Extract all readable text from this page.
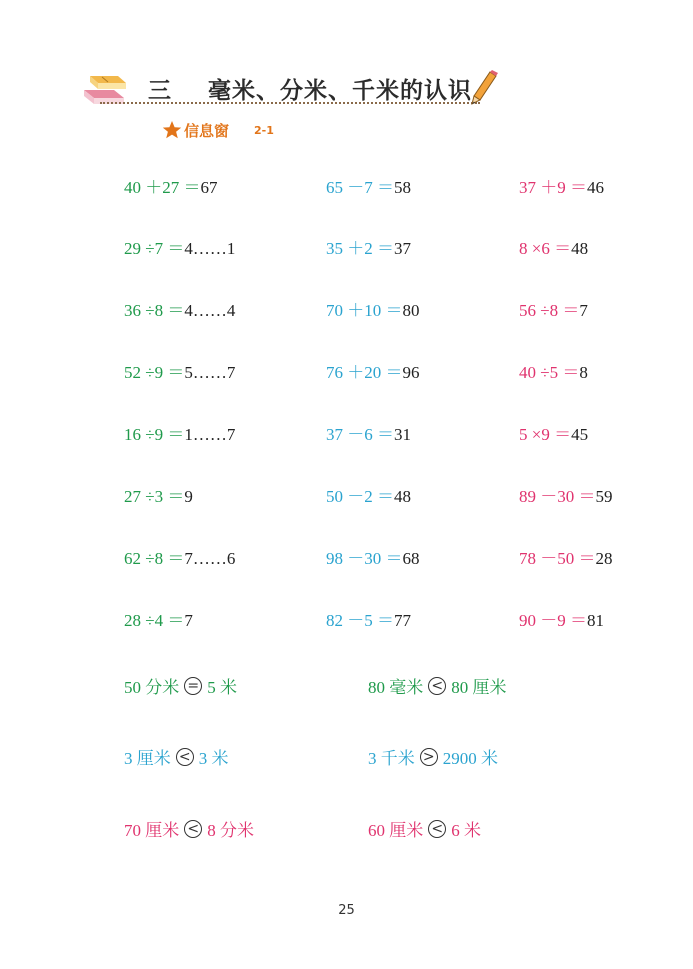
三 毫米、分米、千米的认识
信息窗 2-1
40 ＋27 ＝67
29 ÷7 ＝4……1
36 ÷8 ＝4……4
52 ÷9 ＝5……7
16 ÷9 ＝1……7
27 ÷3 ＝9
62 ÷8 ＝7……6
28 ÷4 ＝7
65 －7 ＝58
35 ＋2 ＝37
70 ＋10 ＝80
76 ＋20 ＝96
37 －6 ＝31
50 －2 ＝48
98 －30 ＝68
82 －5 ＝77
37 ＋9 ＝46
8 ×6 ＝48
56 ÷8 ＝7
40 ÷5 ＝8
5 ×9 ＝45
89 －30 ＝59
78 －50 ＝28
90 －9 ＝81
50 分米 = 5 米	80 毫米 < 80 厘米
3 厘米 < 3 米	3 千米 > 2900 米
70 厘米 < 8 分米	60 厘米 < 6 米
25
